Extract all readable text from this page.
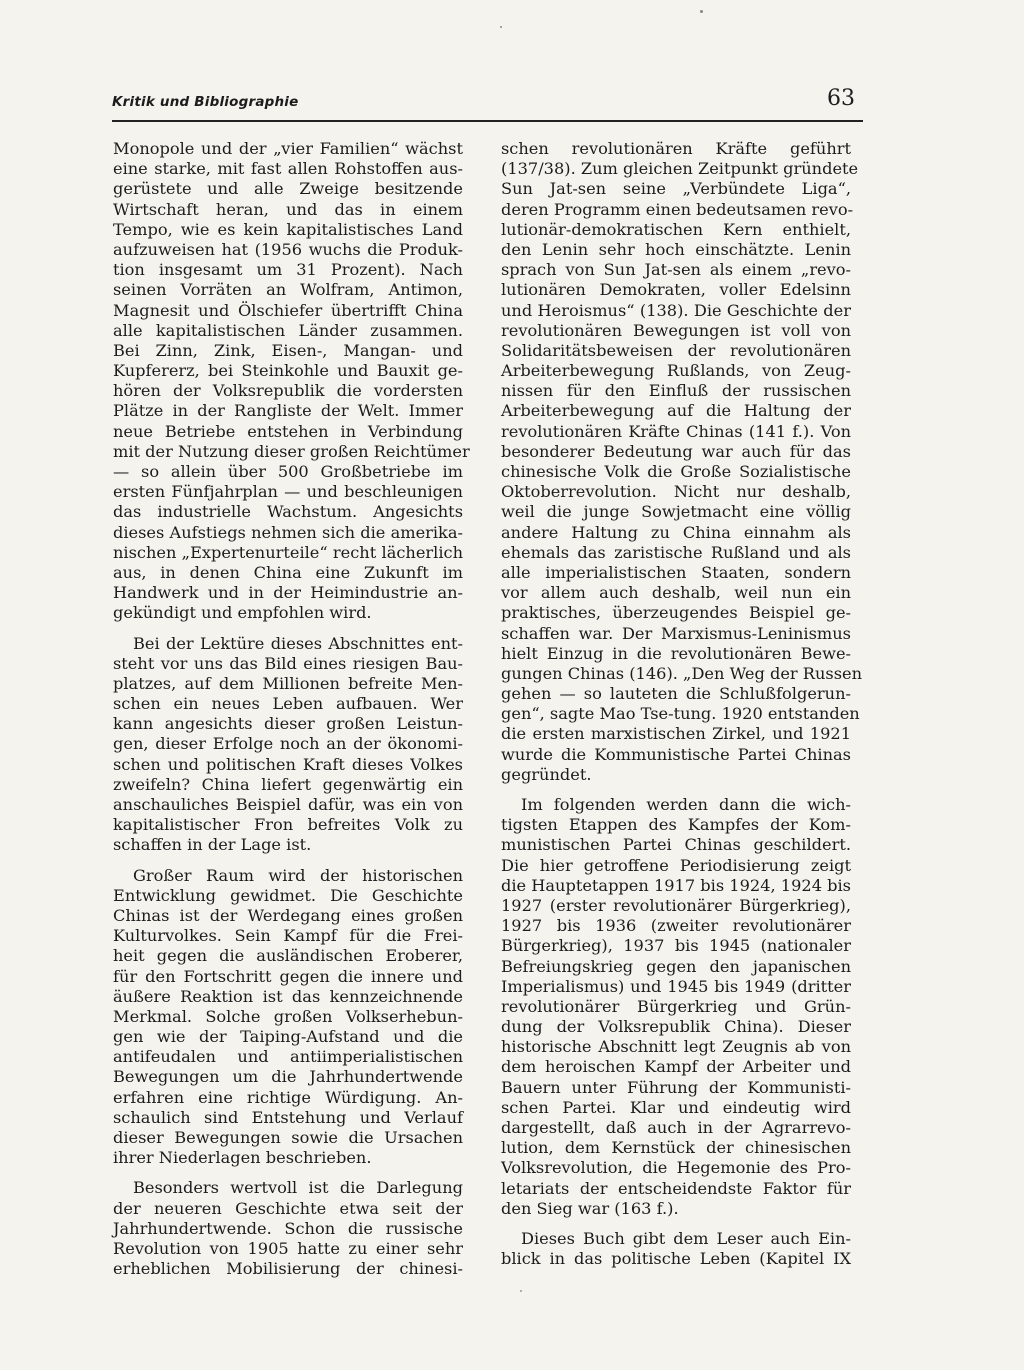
Kritik und Bibliographie	63
Monopole und der „vier Familien“ wächst
eine starke, mit fast allen Rohstoffen aus-
gerüstete und alle Zweige besitzende
Wirtschaft heran, und das in einem
Tempo, wie es kein kapitalistisches Land
aufzuweisen hat (1956 wuchs die Produk-
tion insgesamt um 31 Prozent). Nach
seinen Vorräten an Wolfram, Antimon,
Magnesit und Ölschiefer übertrifft China
alle kapitalistischen Länder zusammen.
Bei Zinn, Zink, Eisen-, Mangan- und
Kupfererz, bei Steinkohle und Bauxit ge-
hören der Volksrepublik die vordersten
Plätze in der Rangliste der Welt. Immer
neue Betriebe entstehen in Verbindung
mit der Nutzung dieser großen Reichtümer
— so allein über 500 Großbetriebe im
ersten Fünfjahrplan — und beschleunigen
das industrielle Wachstum. Angesichts
dieses Aufstiegs nehmen sich die amerika-
nischen „Expertenurteile“ recht lächerlich
aus, in denen China eine Zukunft im
Handwerk und in der Heimindustrie an-
gekündigt und empfohlen wird.
Bei der Lektüre dieses Abschnittes ent-
steht vor uns das Bild eines riesigen Bau-
platzes, auf dem Millionen befreite Men-
schen ein neues Leben aufbauen. Wer
kann angesichts dieser großen Leistun-
gen, dieser Erfolge noch an der ökonomi-
schen und politischen Kraft dieses Volkes
zweifeln? China liefert gegenwärtig ein
anschauliches Beispiel dafür, was ein von
kapitalistischer Fron befreites Volk zu
schaffen in der Lage ist.
Großer Raum wird der historischen
Entwicklung gewidmet. Die Geschichte
Chinas ist der Werdegang eines großen
Kulturvolkes. Sein Kampf für die Frei-
heit gegen die ausländischen Eroberer,
für den Fortschritt gegen die innere und
äußere Reaktion ist das kennzeichnende
Merkmal. Solche großen Volkserhebun-
gen wie der Taiping-Aufstand und die
antifeudalen und antiimperialistischen
Bewegungen um die Jahrhundertwende
erfahren eine richtige Würdigung. An-
schaulich sind Entstehung und Verlauf
dieser Bewegungen sowie die Ursachen
ihrer Niederlagen beschrieben.
Besonders wertvoll ist die Darlegung
der neueren Geschichte etwa seit der
Jahrhundertwende. Schon die russische
Revolution von 1905 hatte zu einer sehr
erheblichen Mobilisierung der chinesi-
schen revolutionären Kräfte geführt
(137/38). Zum gleichen Zeitpunkt gründete
Sun Jat-sen seine „Verbündete Liga“,
deren Programm einen bedeutsamen revo-
lutionär-demokratischen Kern enthielt,
den Lenin sehr hoch einschätzte. Lenin
sprach von Sun Jat-sen als einem „revo-
lutionären Demokraten, voller Edelsinn
und Heroismus“ (138). Die Geschichte der
revolutionären Bewegungen ist voll von
Solidaritätsbeweisen der revolutionären
Arbeiterbewegung Rußlands, von Zeug-
nissen für den Einfluß der russischen
Arbeiterbewegung auf die Haltung der
revolutionären Kräfte Chinas (141 f.). Von
besonderer Bedeutung war auch für das
chinesische Volk die Große Sozialistische
Oktoberrevolution. Nicht nur deshalb,
weil die junge Sowjetmacht eine völlig
andere Haltung zu China einnahm als
ehemals das zaristische Rußland und als
alle imperialistischen Staaten, sondern
vor allem auch deshalb, weil nun ein
praktisches, überzeugendes Beispiel ge-
schaffen war. Der Marxismus-Leninismus
hielt Einzug in die revolutionären Bewe-
gungen Chinas (146). „Den Weg der Russen
gehen — so lauteten die Schlußfolgerun-
gen“, sagte Mao Tse-tung. 1920 entstanden
die ersten marxistischen Zirkel, und 1921
wurde die Kommunistische Partei Chinas
gegründet.
Im folgenden werden dann die wich-
tigsten Etappen des Kampfes der Kom-
munistischen Partei Chinas geschildert.
Die hier getroffene Periodisierung zeigt
die Hauptetappen 1917 bis 1924, 1924 bis
1927 (erster revolutionärer Bürgerkrieg),
1927 bis 1936 (zweiter revolutionärer
Bürgerkrieg), 1937 bis 1945 (nationaler
Befreiungskrieg gegen den japanischen
Imperialismus) und 1945 bis 1949 (dritter
revolutionärer Bürgerkrieg und Grün-
dung der Volksrepublik China). Dieser
historische Abschnitt legt Zeugnis ab von
dem heroischen Kampf der Arbeiter und
Bauern unter Führung der Kommunisti-
schen Partei. Klar und eindeutig wird
dargestellt, daß auch in der Agrarrevo-
lution, dem Kernstück der chinesischen
Volksrevolution, die Hegemonie des Pro-
letariats der entscheidendste Faktor für
den Sieg war (163 f.).
Dieses Buch gibt dem Leser auch Ein-
blick in das politische Leben (Kapitel IX
